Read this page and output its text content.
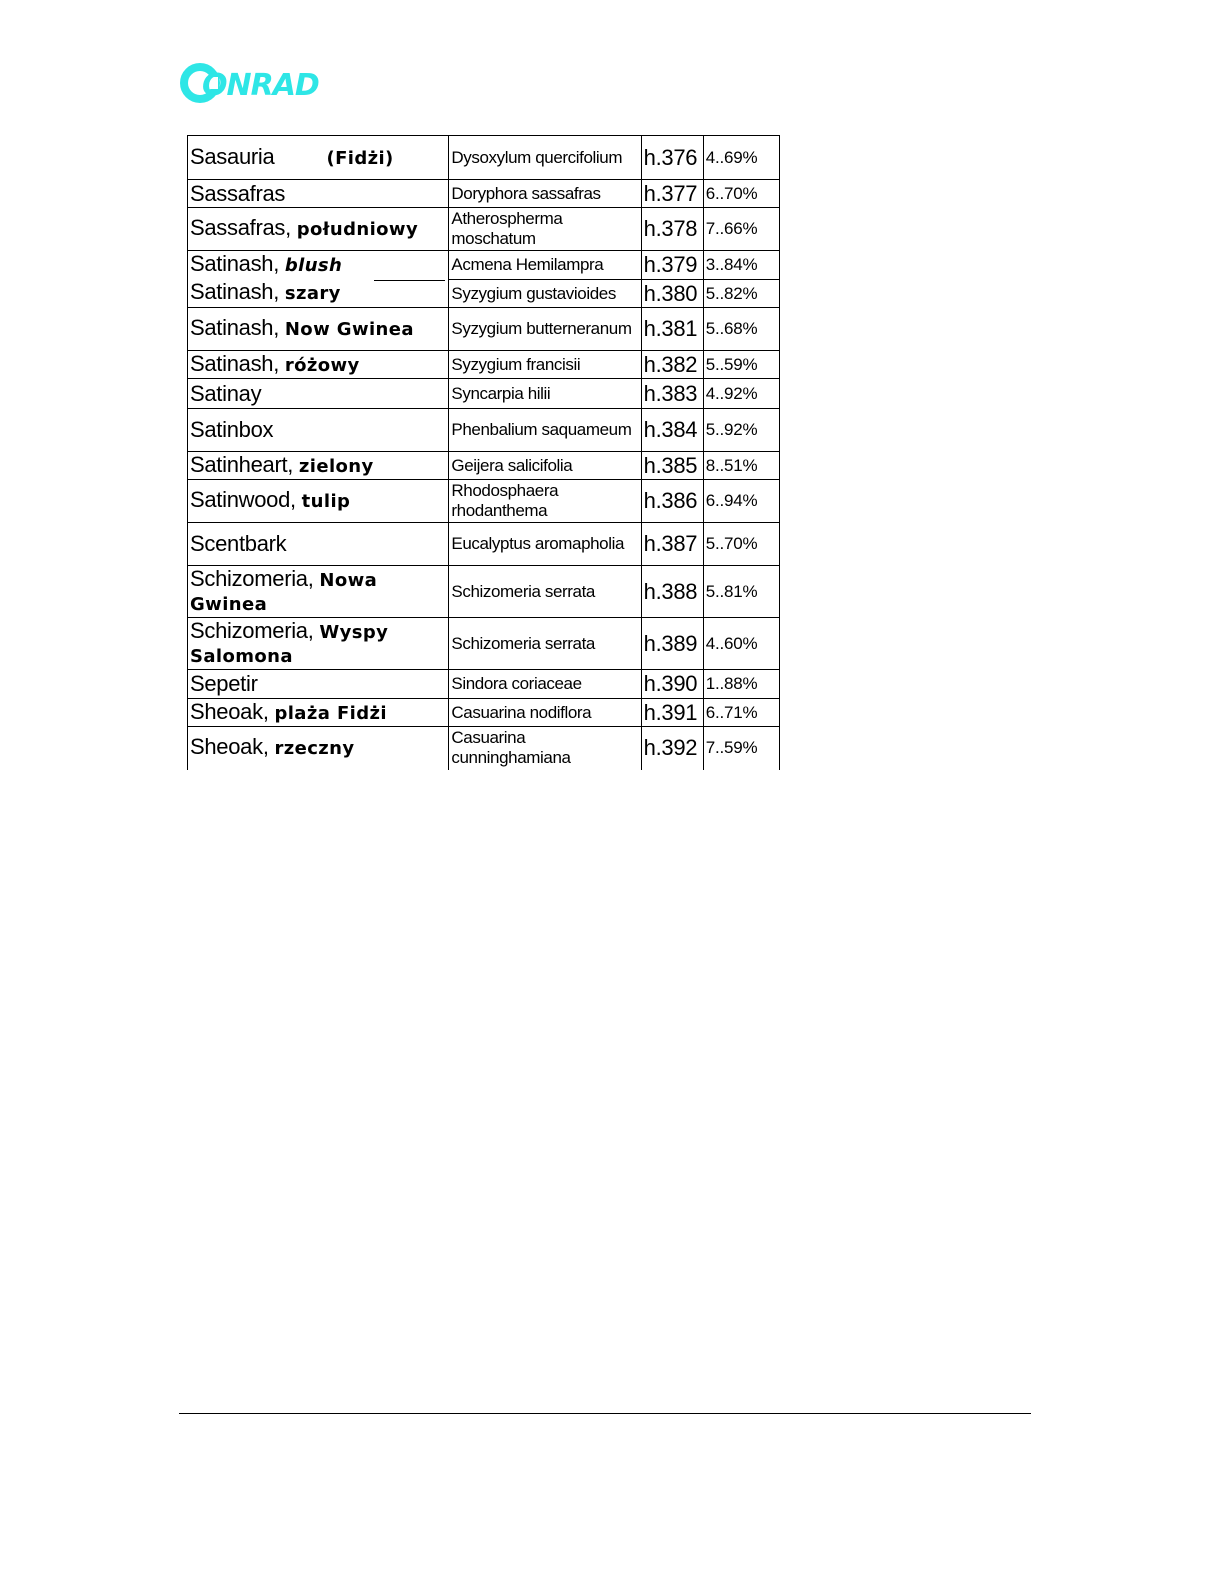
ONRAD
Sasauria (Fidżi)	Dysoxylum quercifolium	h.376	4..69%
Sassafras	Doryphora sassafras	h.377	6..70%
Sassafras, południowy	Atherospherma moschatum	h.378	7..66%
Satinash, blush	Acmena Hemilampra	h.379	3..84%
Satinash, szary	Syzygium gustavioides	h.380	5..82%
Satinash, Now Gwinea	Syzygium butterneranum	h.381	5..68%
Satinash, różowy	Syzygium francisii	h.382	5..59%
Satinay	Syncarpia hilii	h.383	4..92%
Satinbox	Phenbalium saquameum	h.384	5..92%
Satinheart, zielony	Geijera salicifolia	h.385	8..51%
Satinwood, tulip	Rhodosphaera rhodanthema	h.386	6..94%
Scentbark	Eucalyptus aromapholia	h.387	5..70%
Schizomeria, Nowa Gwinea	Schizomeria serrata	h.388	5..81%
Schizomeria, Wyspy Salomona	Schizomeria serrata	h.389	4..60%
Sepetir	Sindora coriaceae	h.390	1..88%
Sheoak, plaża Fidżi	Casuarina nodiflora	h.391	6..71%
Sheoak, rzeczny	Casuarina cunninghamiana	h.392	7..59%
